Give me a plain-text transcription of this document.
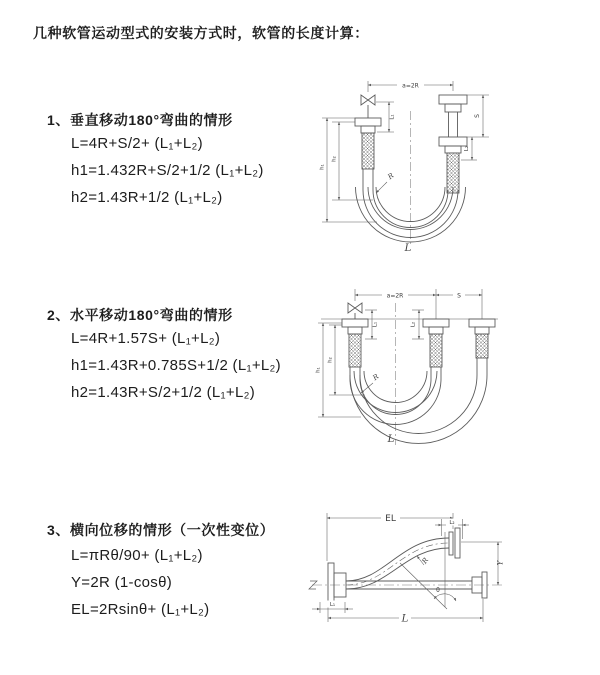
几种软管运动型式的安装方式时，软管的长度计算：
1、垂直移动180°弯曲的情形
L=4R+S/2+ (L₁+L₂)
h1=1.432R+S/2+1/2 (L₁+L₂)
h2=1.43R+1/2 (L₁+L₂)
2、水平移动180°弯曲的情形
L=4R+1.57S+ (L₁+L₂)
h1=1.43R+0.785S+1/2 (L₁+L₂)
h2=1.43R+S/2+1/2 (L₁+L₂)
3、横向位移的情形（一次性变位）
L=πRθ/90+ (L₁+L₂)
Y=2R (1-cosθ)
EL=2Rsinθ+ (L₁+L₂)
a=2R
S
L₂
L₁
h₁
h₂
R
L
a=2R	S
L₁	L₂
h₁
h₂
R
L
EL	L₂
Y
R
θ
L
L₁
